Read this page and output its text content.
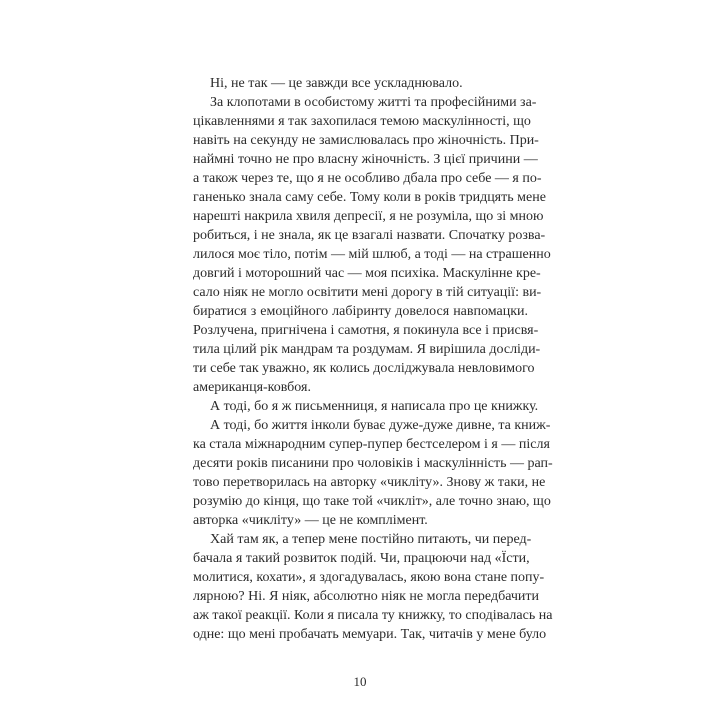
Ні, не так — це завжди все ускладнювало.
За клопотами в особистому житті та професійними за-
цікавленнями я так захопилася темою маскулінності, що
навіть на секунду не замислювалась про жіночність. При-
наймні точно не про власну жіночність. З цієї причини —
а також через те, що я не особливо дбала про себе — я по-
ганенько знала саму себе. Тому коли в років тридцять мене
нарешті накрила хвиля депресії, я не розуміла, що зі мною
робиться, і не знала, як це взагалі назвати. Спочатку розва-
лилося моє тіло, потім — мій шлюб, а тоді — на страшенно
довгий і моторошний час — моя психіка. Маскулінне кре-
сало ніяк не могло освітити мені дорогу в тій ситуації: ви-
биратися з емоційного лабіринту довелося навпомацки.
Розлучена, пригнічена і самотня, я покинула все і присвя-
тила цілий рік мандрам та роздумам. Я вирішила досліди-
ти себе так уважно, як колись досліджувала невловимого
американця-ковбоя.
А тоді, бо я ж письменниця, я написала про це книжку.
А тоді, бо життя інколи буває дуже-дуже дивне, та книж-
ка стала міжнародним супер-пупер бестселером і я — після
десяти років писанини про чоловіків і маскулінність — рап-
тово перетворилась на авторку «чикліту». Знову ж таки, не
розумію до кінця, що таке той «чикліт», але точно знаю, що
авторка «чикліту» — це не комплімент.
Хай там як, а тепер мене постійно питають, чи перед-
бачала я такий розвиток подій. Чи, працюючи над «Їсти,
молитися, кохати», я здогадувалась, якою вона стане попу-
лярною? Ні. Я ніяк, абсолютно ніяк не могла передбачити
аж такої реакції. Коли я писала ту книжку, то сподівалась на
одне: що мені пробачать мемуари. Так, читачів у мене було
10
